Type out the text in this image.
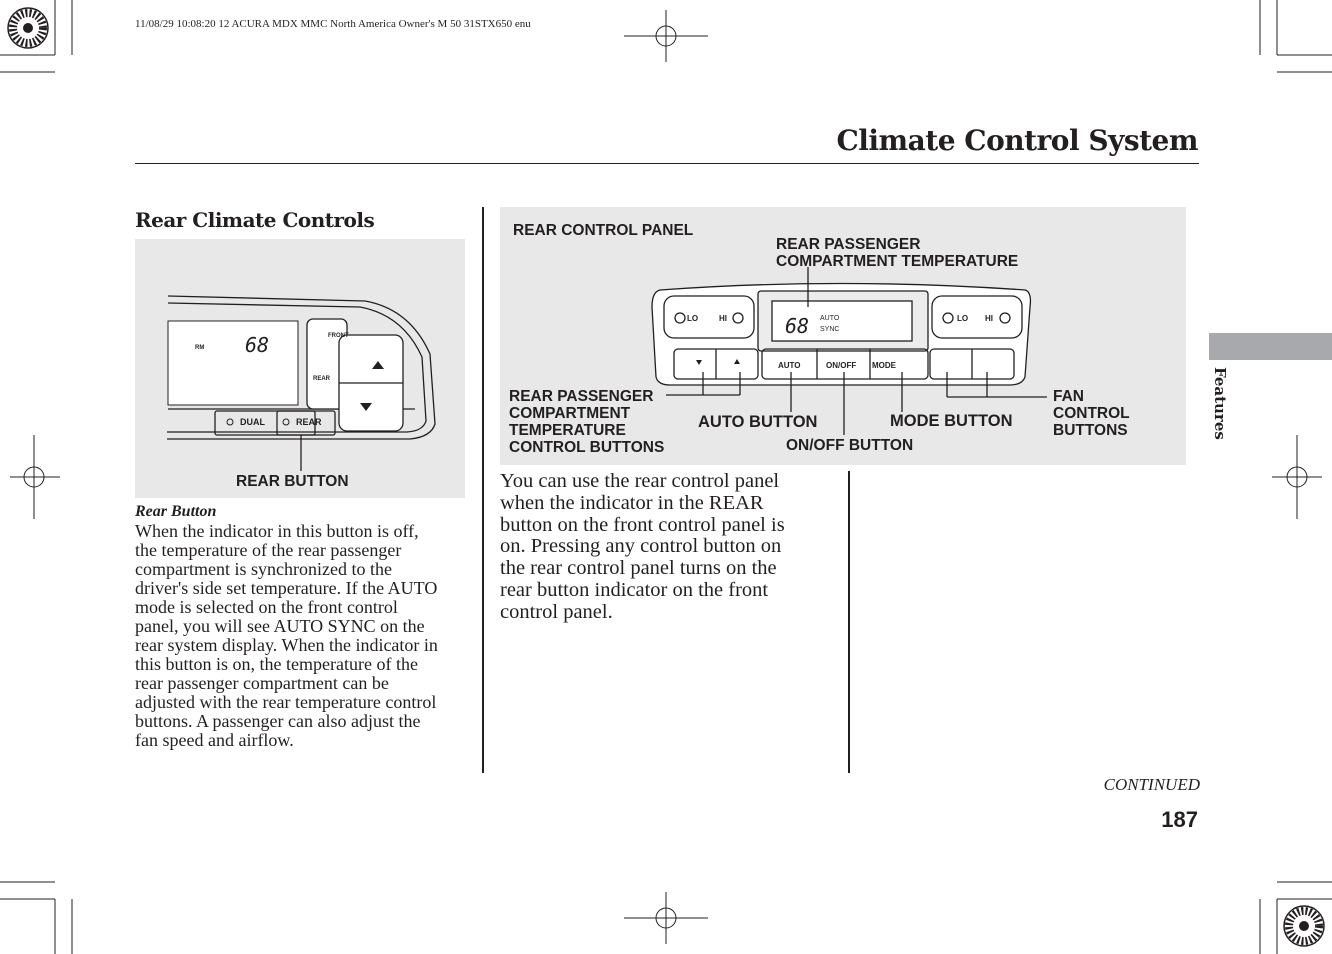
11/08/29 10:08:20 12 ACURA MDX MMC North America Owner's M 50 31STX650 enu
Climate Control System
Rear Climate Controls
RM 68	FRONT
REAR
DUAL	REAR
REAR BUTTON
68 AUTO
SYNC
AUTO	ON/OFF MODE
LO	HI	LO HI
REAR CONTROL PANEL
REAR PASSENGER
COMPARTMENT TEMPERATURE
REAR PASSENGER
COMPARTMENT
TEMPERATURE
CONTROL BUTTONS
AUTO BUTTON
ON/OFF BUTTON
MODE BUTTON
FAN
CONTROL
BUTTONS
Rear Button

When the indicator in this button is off,

the temperature of the rear passenger

compartment is synchronized to the

driver's side set temperature. If the AUTO

mode is selected on the front control

panel, you will see AUTO SYNC on the

rear system display. When the indicator in

this button is on, the temperature of the

rear passenger compartment can be

adjusted with the rear temperature control

buttons. A passenger can also adjust the

fan speed and airflow.

You can use the rear control panel

when the indicator in the REAR

button on the front control panel is

on. Pressing any control button on

the rear control panel turns on the

rear button indicator on the front

control panel.

Features
CONTINUED
187
